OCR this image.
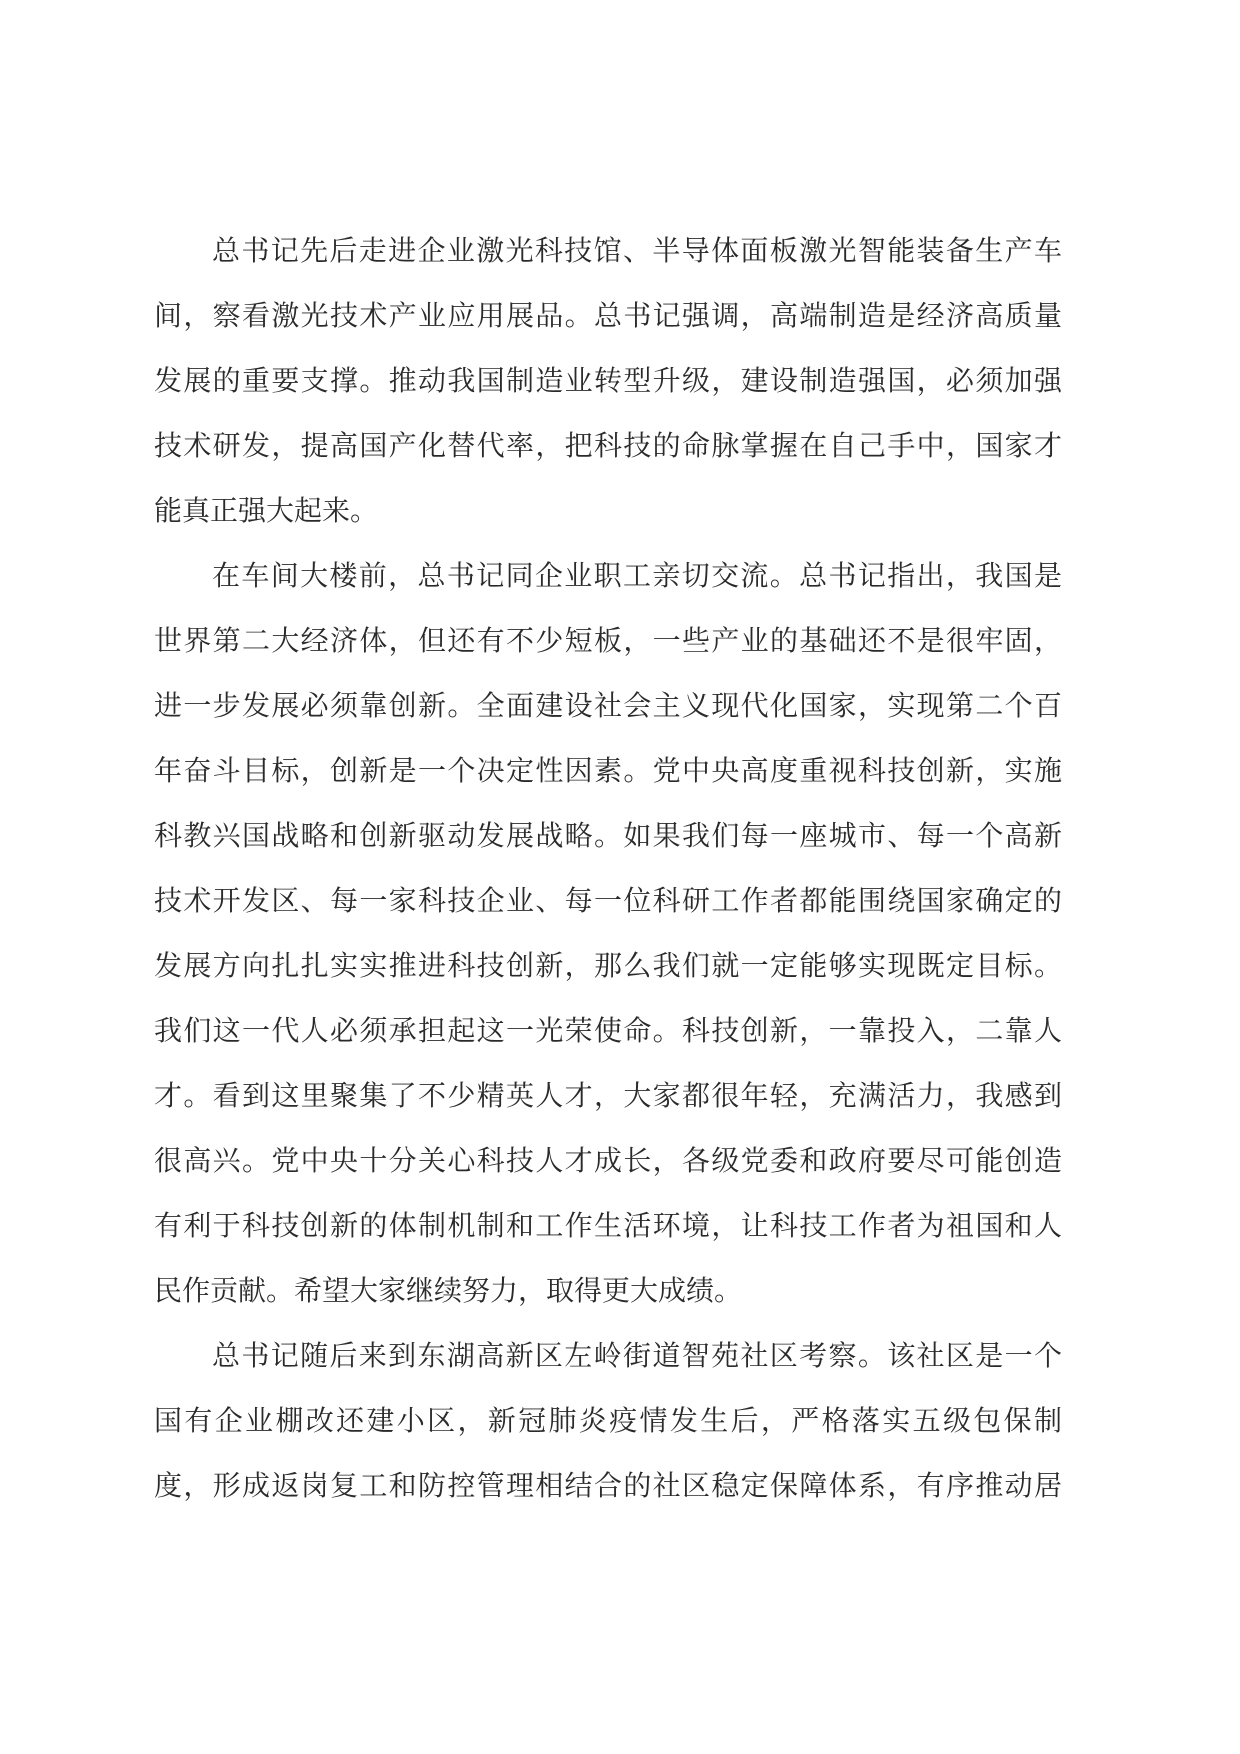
总书记先后走进企业激光科技馆、半导体面板激光智能装备生产车
间，察看激光技术产业应用展品。总书记强调，高端制造是经济高质量
发展的重要支撑。推动我国制造业转型升级，建设制造强国，必须加强
技术研发，提高国产化替代率，把科技的命脉掌握在自己手中，国家才
能真正强大起来。
在车间大楼前，总书记同企业职工亲切交流。总书记指出，我国是
世界第二大经济体，但还有不少短板，一些产业的基础还不是很牢固，
进一步发展必须靠创新。全面建设社会主义现代化国家，实现第二个百
年奋斗目标，创新是一个决定性因素。党中央高度重视科技创新，实施
科教兴国战略和创新驱动发展战略。如果我们每一座城市、每一个高新
技术开发区、每一家科技企业、每一位科研工作者都能围绕国家确定的
发展方向扎扎实实推进科技创新，那么我们就一定能够实现既定目标。
我们这一代人必须承担起这一光荣使命。科技创新，一靠投入，二靠人
才。看到这里聚集了不少精英人才，大家都很年轻，充满活力，我感到
很高兴。党中央十分关心科技人才成长，各级党委和政府要尽可能创造
有利于科技创新的体制机制和工作生活环境，让科技工作者为祖国和人
民作贡献。希望大家继续努力，取得更大成绩。
总书记随后来到东湖高新区左岭街道智苑社区考察。该社区是一个
国有企业棚改还建小区，新冠肺炎疫情发生后，严格落实五级包保制
度，形成返岗复工和防控管理相结合的社区稳定保障体系，有序推动居
